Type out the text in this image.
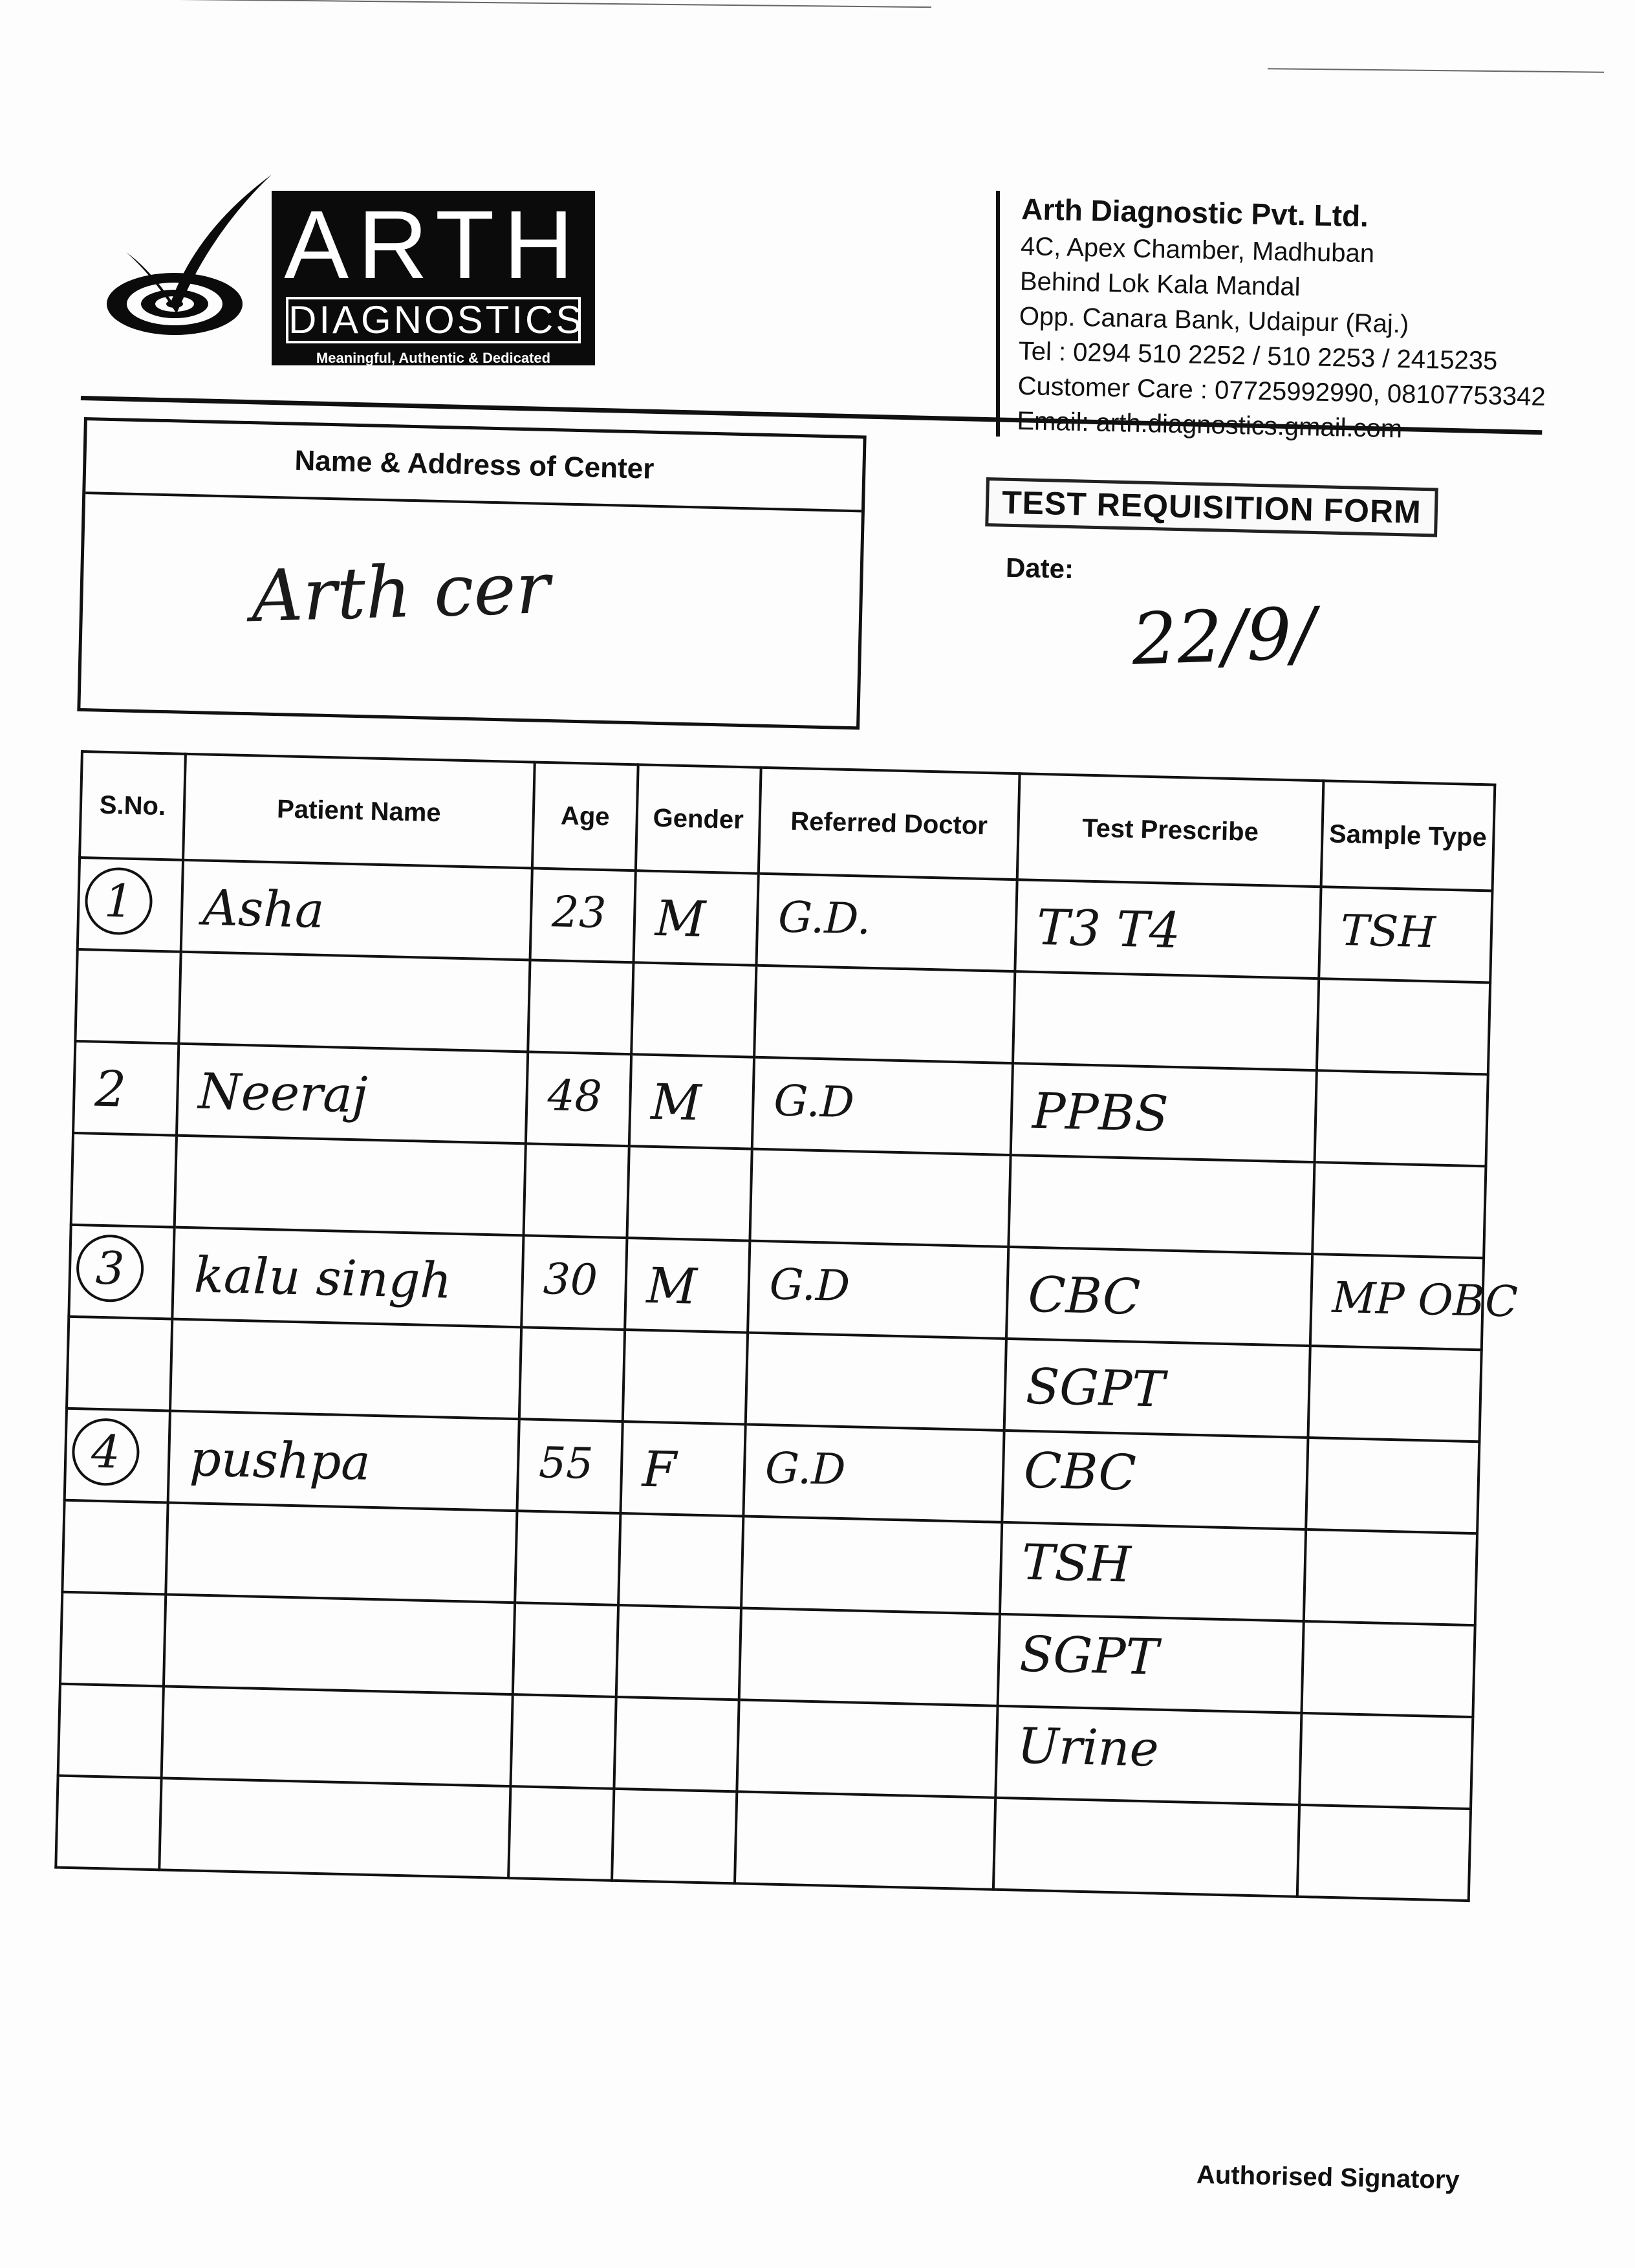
ARTH
DIAGNOSTICS
Meaningful, Authentic & Dedicated
Arth Diagnostic Pvt. Ltd.
4C, Apex Chamber, Madhuban
Behind Lok Kala Mandal
Opp. Canara Bank, Udaipur (Raj.)
Tel : 0294 510 2252 / 510 2253 / 2415235
Customer Care : 07725992990, 08107753342
Email: arth.diagnostics.gmail.com
Name & Address of Center
Arth cer
TEST REQUISITION FORM
Date:
22/9/
S.No.	Patient Name	Age	Gender	Referred Doctor	Test Prescribe	Sample Type
1	Asha	23	M	G.D.	T3 T4	TSH

2	Neeraj	48	M	G.D	PPBS	

3	kalu singh	30	M	G.D	CBC	MP OBC

					SGPT	

4	pushpa	55	F	G.D	CBC	

					TSH	

					SGPT	

					Urine	

Authorised Signatory
